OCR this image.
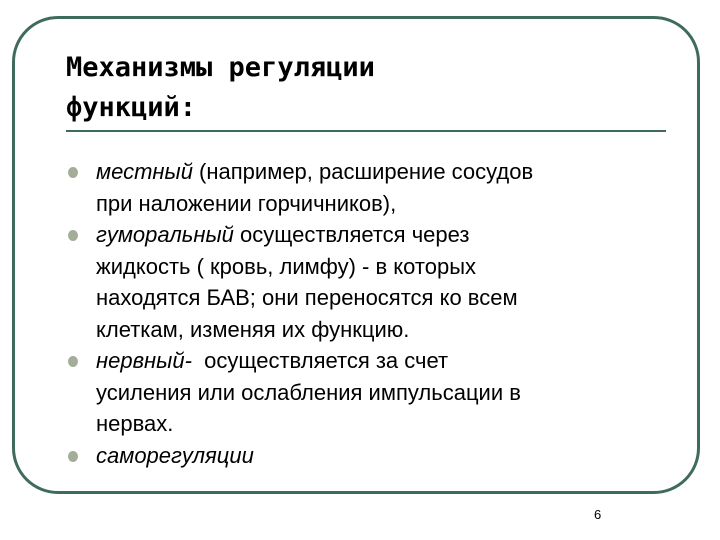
Механизмы регуляции
функций:
местный (например, расширение сосудов
при наложении горчичников),
гуморальный осуществляется через
жидкость ( кровь, лимфу) - в которых
находятся БАВ; они переносятся ко всем
клеткам, изменяя их функцию.
нервный-  осуществляется за счет
усиления или ослабления импульсации в
нервах.
саморегуляции
6
